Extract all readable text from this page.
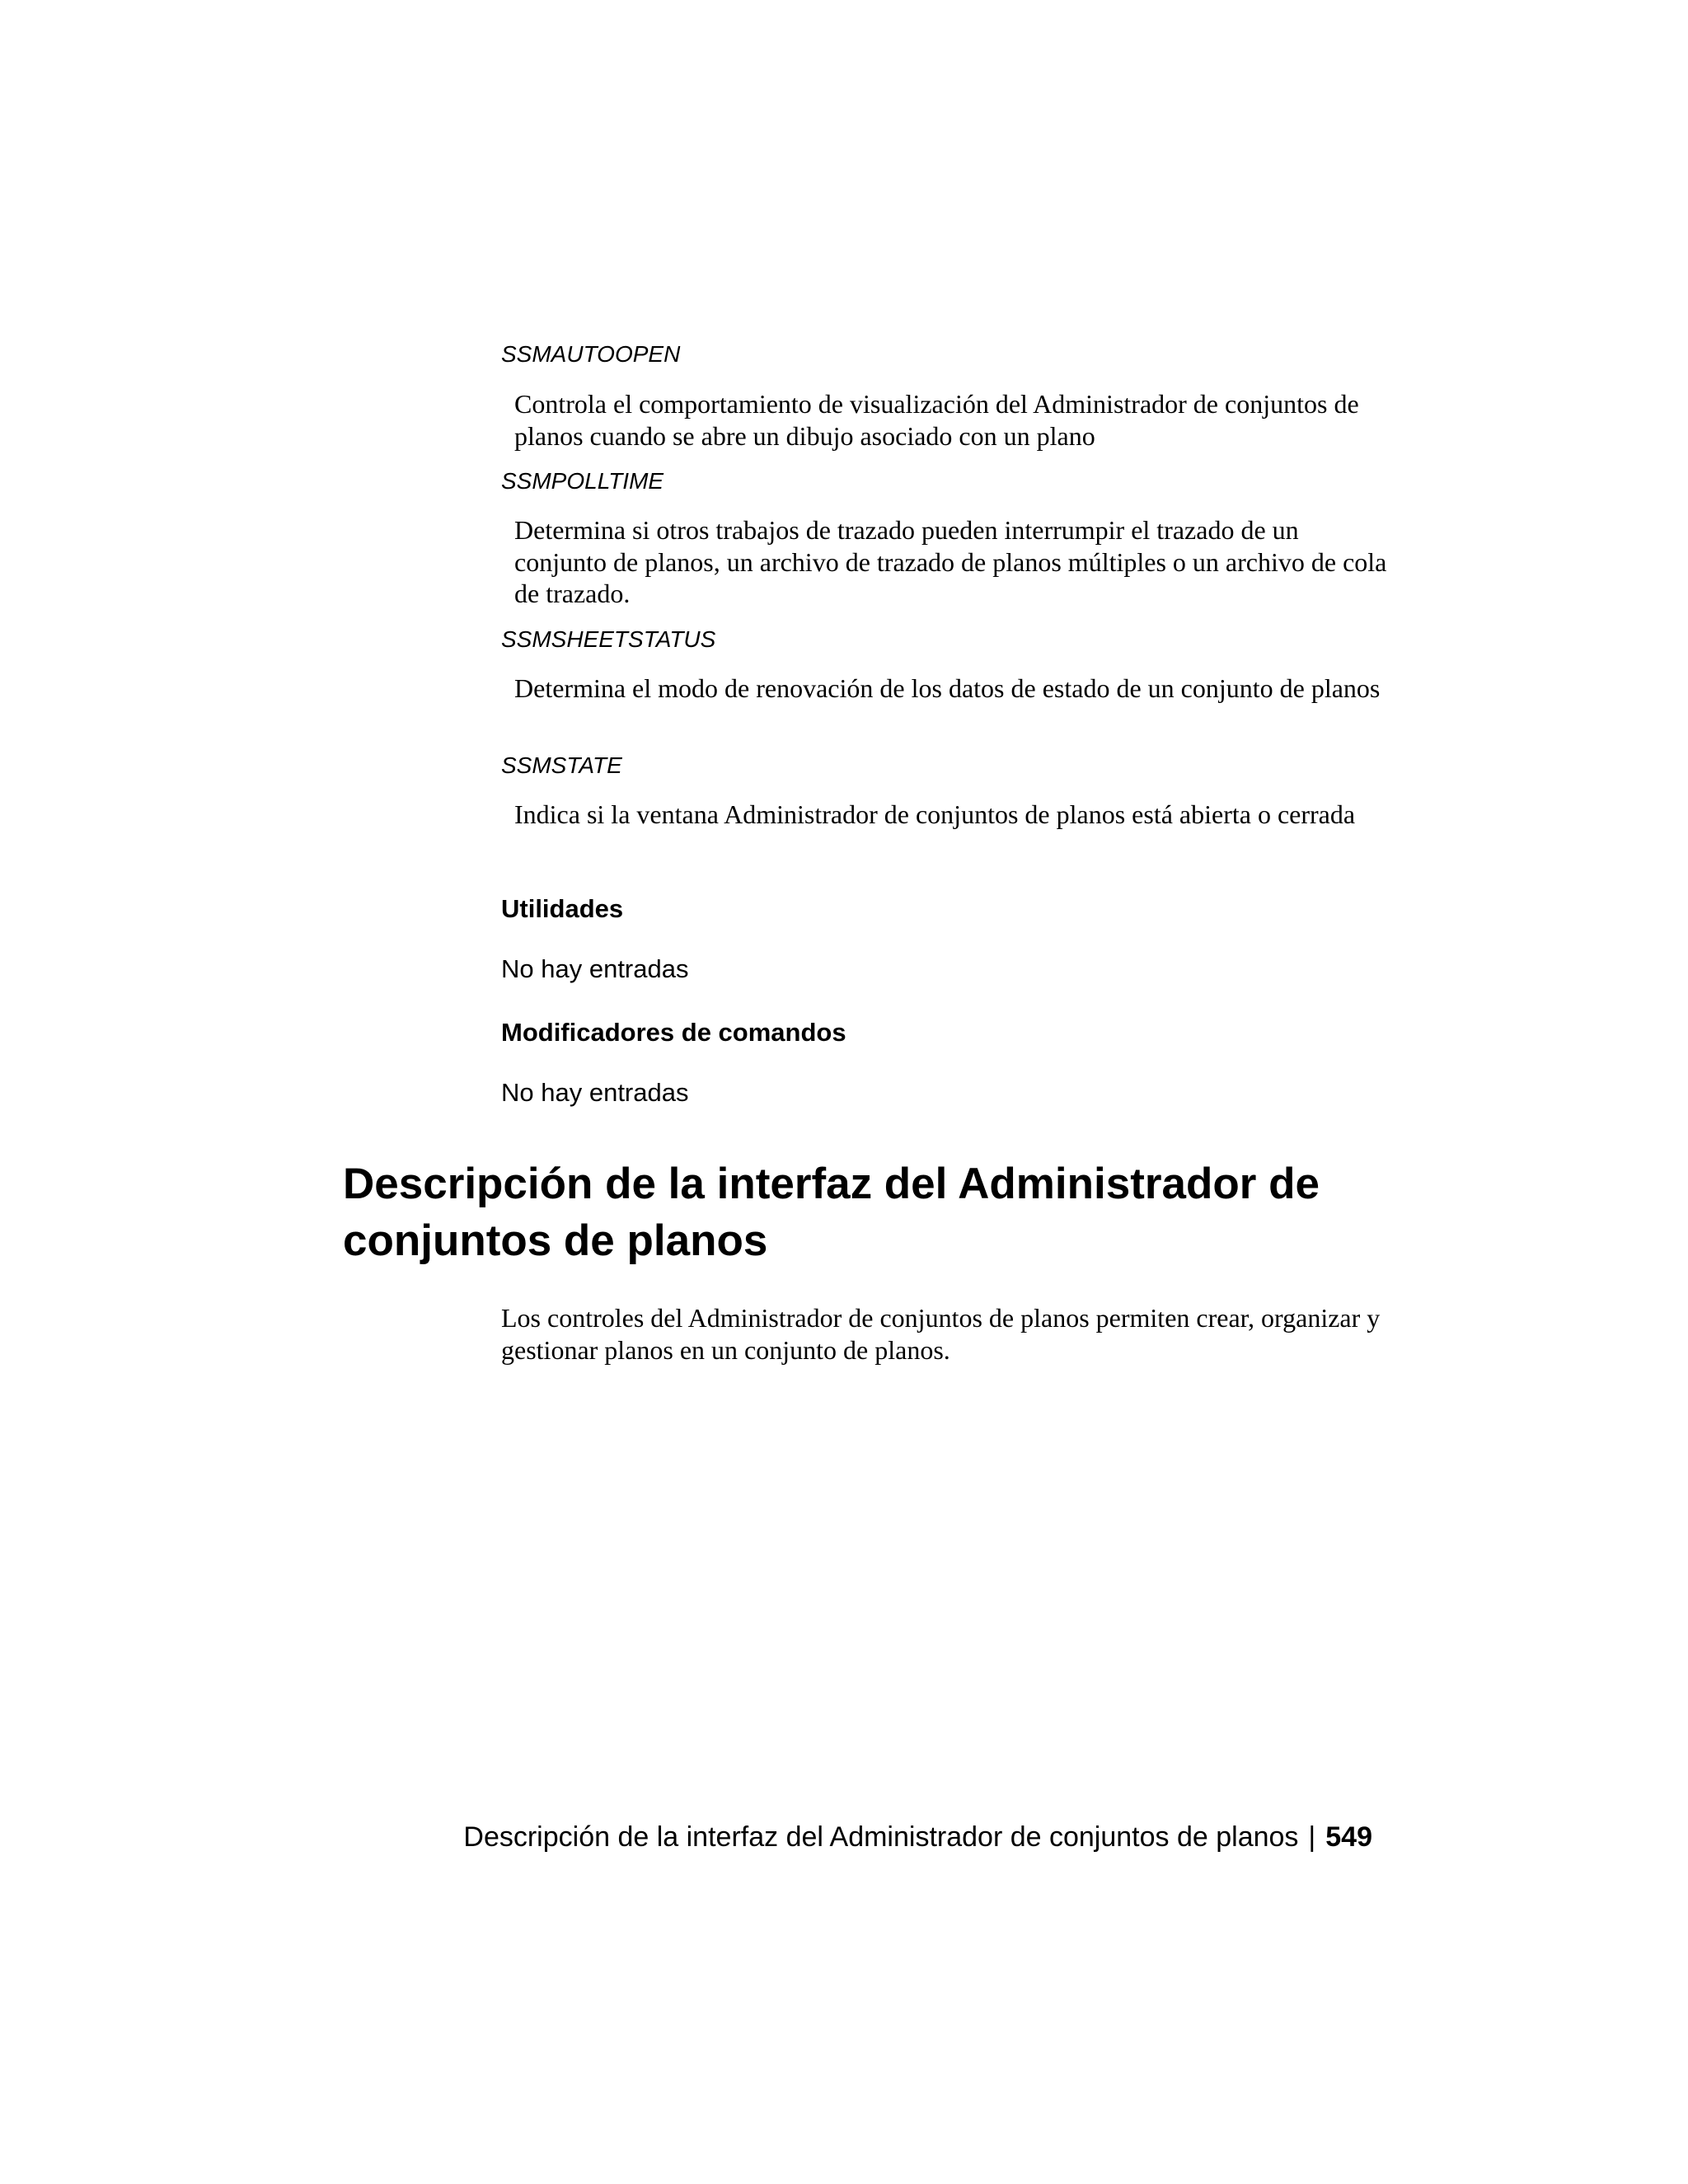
SSMAUTOOPEN

Controla el comportamiento de visualización del Administrador de conjuntos de planos cuando se abre un dibujo asociado con un plano

SSMPOLLTIME

Determina si otros trabajos de trazado pueden interrumpir el trazado de un conjunto de planos, un archivo de trazado de planos múltiples o un archivo de cola de trazado.

SSMSHEETSTATUS

Determina el modo de renovación de los datos de estado de un conjunto de planos

SSMSTATE

Indica si la ventana Administrador de conjuntos de planos está abierta o cerrada

Utilidades

No hay entradas

Modificadores de comandos

No hay entradas

Descripción de la interfaz del Administrador de conjuntos de planos

Los controles del Administrador de conjuntos de planos permiten crear, organizar y gestionar planos en un conjunto de planos.

Descripción de la interfaz del Administrador de conjuntos de planos | 549
